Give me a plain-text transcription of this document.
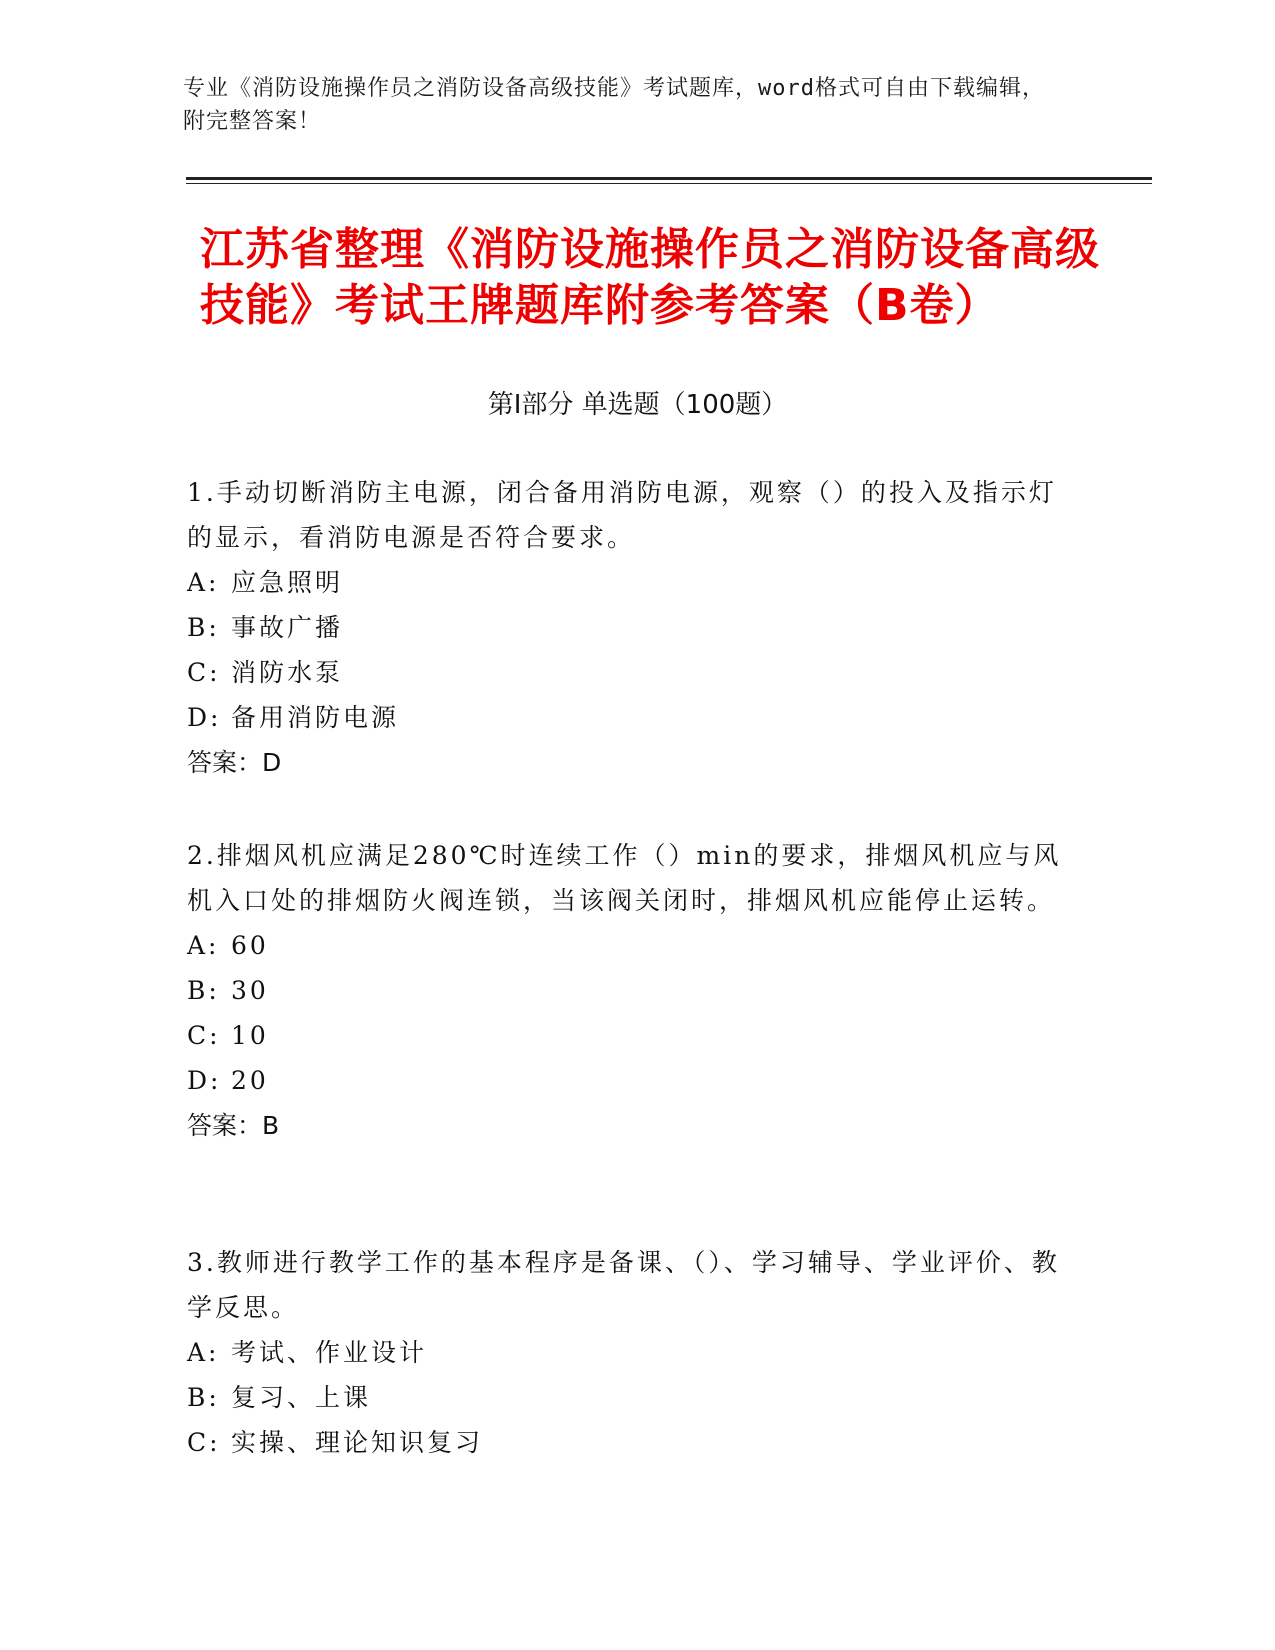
专业《消防设施操作员之消防设备高级技能》考试题库，word格式可自由下载编辑，附完整答案！
江苏省整理《消防设施操作员之消防设备高级技能》考试王牌题库附参考答案（B卷）
第Ⅰ部分 单选题（100题）

1.手动切断消防主电源，闭合备用消防电源，观察（）的投入及指示灯的显示，看消防电源是否符合要求。

A: 应急照明

B: 事故广播

C: 消防水泵

D: 备用消防电源

答案：D

2.排烟风机应满足280℃时连续工作（）min的要求，排烟风机应与风机入口处的排烟防火阀连锁，当该阀关闭时，排烟风机应能停止运转。

A: 60

B: 30

C: 10

D: 20

答案：B

3.教师进行教学工作的基本程序是备课、（）、学习辅导、学业评价、教学反思。

A: 考试、作业设计

B: 复习、上课

C: 实操、理论知识复习
